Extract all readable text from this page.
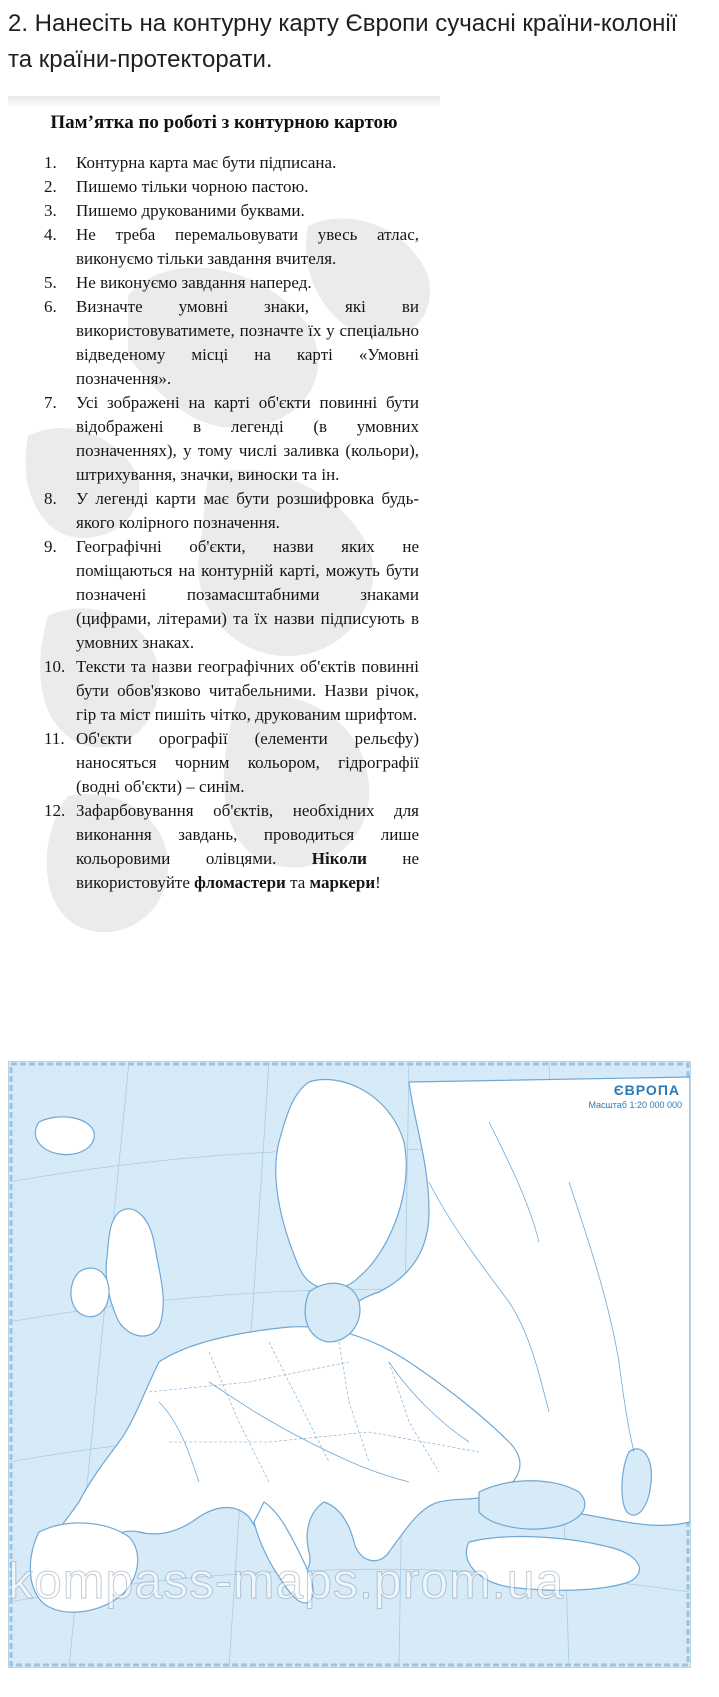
2. Нанесіть на контурну карту Європи сучасні країни-колонії та країни-протекторати.
Пам’ятка по роботі з контурною картою
1.	Контурна карта має бути підписана.
2.	Пишемо тільки чорною пастою.
3.	Пишемо друкованими буквами.
4.	Не треба перемальовувати увесь атлас, виконуємо тільки завдання вчителя.
5.	Не виконуємо завдання наперед.
6.	Визначте умовні знаки, які ви використовуватимете, позначте їх у спеціально відведеному місці на карті «Умовні позначення».
7.	Усі зображені на карті об'єкти повинні бути відображені в легенді (в умовних позначеннях), у тому числі заливка (кольори), штрихування, значки, виноски та ін.
8.	У легенді карти має бути розшифровка будь-якого колірного позначення.
9.	Географічні об'єкти, назви яких не поміщаються на контурній карті, можуть бути позначені позамасштабними знаками (цифрами, літерами) та їх назви підписують в умовних знаках.
10. Тексти та назви географічних об'єктів повинні бути обов'язково читабельними. Назви річок, гір та міст пишіть чітко, друкованим шрифтом.
11. Об'єкти орографії (елементи рельєфу) наносяться чорним кольором, гідрографії (водні об'єкти) – синім.
12. Зафарбовування об'єктів, необхідних для виконання завдань, проводиться лише кольоровими олівцями. Ніколи не використовуйте фломастери та маркери!
ЄВРОПА
Масштаб 1:20 000 000
kompass-maps.prom.ua
